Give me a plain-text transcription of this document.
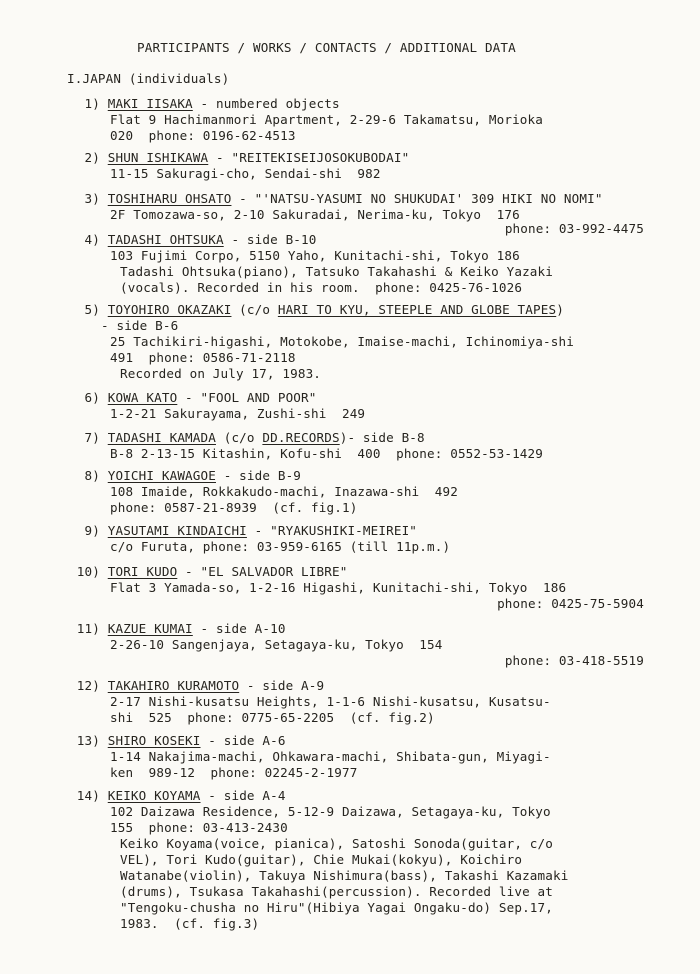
PARTICIPANTS / WORKS / CONTACTS / ADDITIONAL DATA
I.JAPAN (individuals)
1) MAKI IISAKA - numbered objects
Flat 9 Hachimanmori Apartment, 2-29-6 Takamatsu, Morioka
020  phone: 0196-62-4513
2) SHUN ISHIKAWA - "REITEKISEIJOSOKUBODAI"
11-15 Sakuragi-cho, Sendai-shi  982
3) TOSHIHARU OHSATO - "'NATSU-YASUMI NO SHUKUDAI' 309 HIKI NO NOMI"
2F Tomozawa-so, 2-10 Sakuradai, Nerima-ku, Tokyo  176
phone: 03-992-4475
4) TADASHI OHTSUKA - side B-10
103 Fujimi Corpo, 5150 Yaho, Kunitachi-shi, Tokyo 186
Tadashi Ohtsuka(piano), Tatsuko Takahashi & Keiko Yazaki
(vocals). Recorded in his room.  phone: 0425-76-1026
5) TOYOHIRO OKAZAKI (c/o HARI TO KYU, STEEPLE AND GLOBE TAPES)
- side B-6
25 Tachikiri-higashi, Motokobe, Imaise-machi, Ichinomiya-shi
491  phone: 0586-71-2118
Recorded on July 17, 1983.
6) KOWA KATO - "FOOL AND POOR"
1-2-21 Sakurayama, Zushi-shi  249
7) TADASHI KAMADA (c/o DD.RECORDS)- side B-8
B-8 2-13-15 Kitashin, Kofu-shi  400  phone: 0552-53-1429
8) YOICHI KAWAGOE - side B-9
108 Imaide, Rokkakudo-machi, Inazawa-shi  492
phone: 0587-21-8939  (cf. fig.1)
9) YASUTAMI KINDAICHI - "RYAKUSHIKI-MEIREI"
c/o Furuta, phone: 03-959-6165 (till 11p.m.)
10) TORI KUDO - "EL SALVADOR LIBRE"
Flat 3 Yamada-so, 1-2-16 Higashi, Kunitachi-shi, Tokyo  186
phone: 0425-75-5904
11) KAZUE KUMAI - side A-10
2-26-10 Sangenjaya, Setagaya-ku, Tokyo  154
phone: 03-418-5519
12) TAKAHIRO KURAMOTO - side A-9
2-17 Nishi-kusatsu Heights, 1-1-6 Nishi-kusatsu, Kusatsu-
shi  525  phone: 0775-65-2205  (cf. fig.2)
13) SHIRO KOSEKI - side A-6
1-14 Nakajima-machi, Ohkawara-machi, Shibata-gun, Miyagi-
ken  989-12  phone: 02245-2-1977
14) KEIKO KOYAMA - side A-4
102 Daizawa Residence, 5-12-9 Daizawa, Setagaya-ku, Tokyo
155  phone: 03-413-2430
Keiko Koyama(voice, pianica), Satoshi Sonoda(guitar, c/o
VEL), Tori Kudo(guitar), Chie Mukai(kokyu), Koichiro
Watanabe(violin), Takuya Nishimura(bass), Takashi Kazamaki
(drums), Tsukasa Takahashi(percussion). Recorded live at
"Tengoku-chusha no Hiru"(Hibiya Yagai Ongaku-do) Sep.17,
1983.  (cf. fig.3)
